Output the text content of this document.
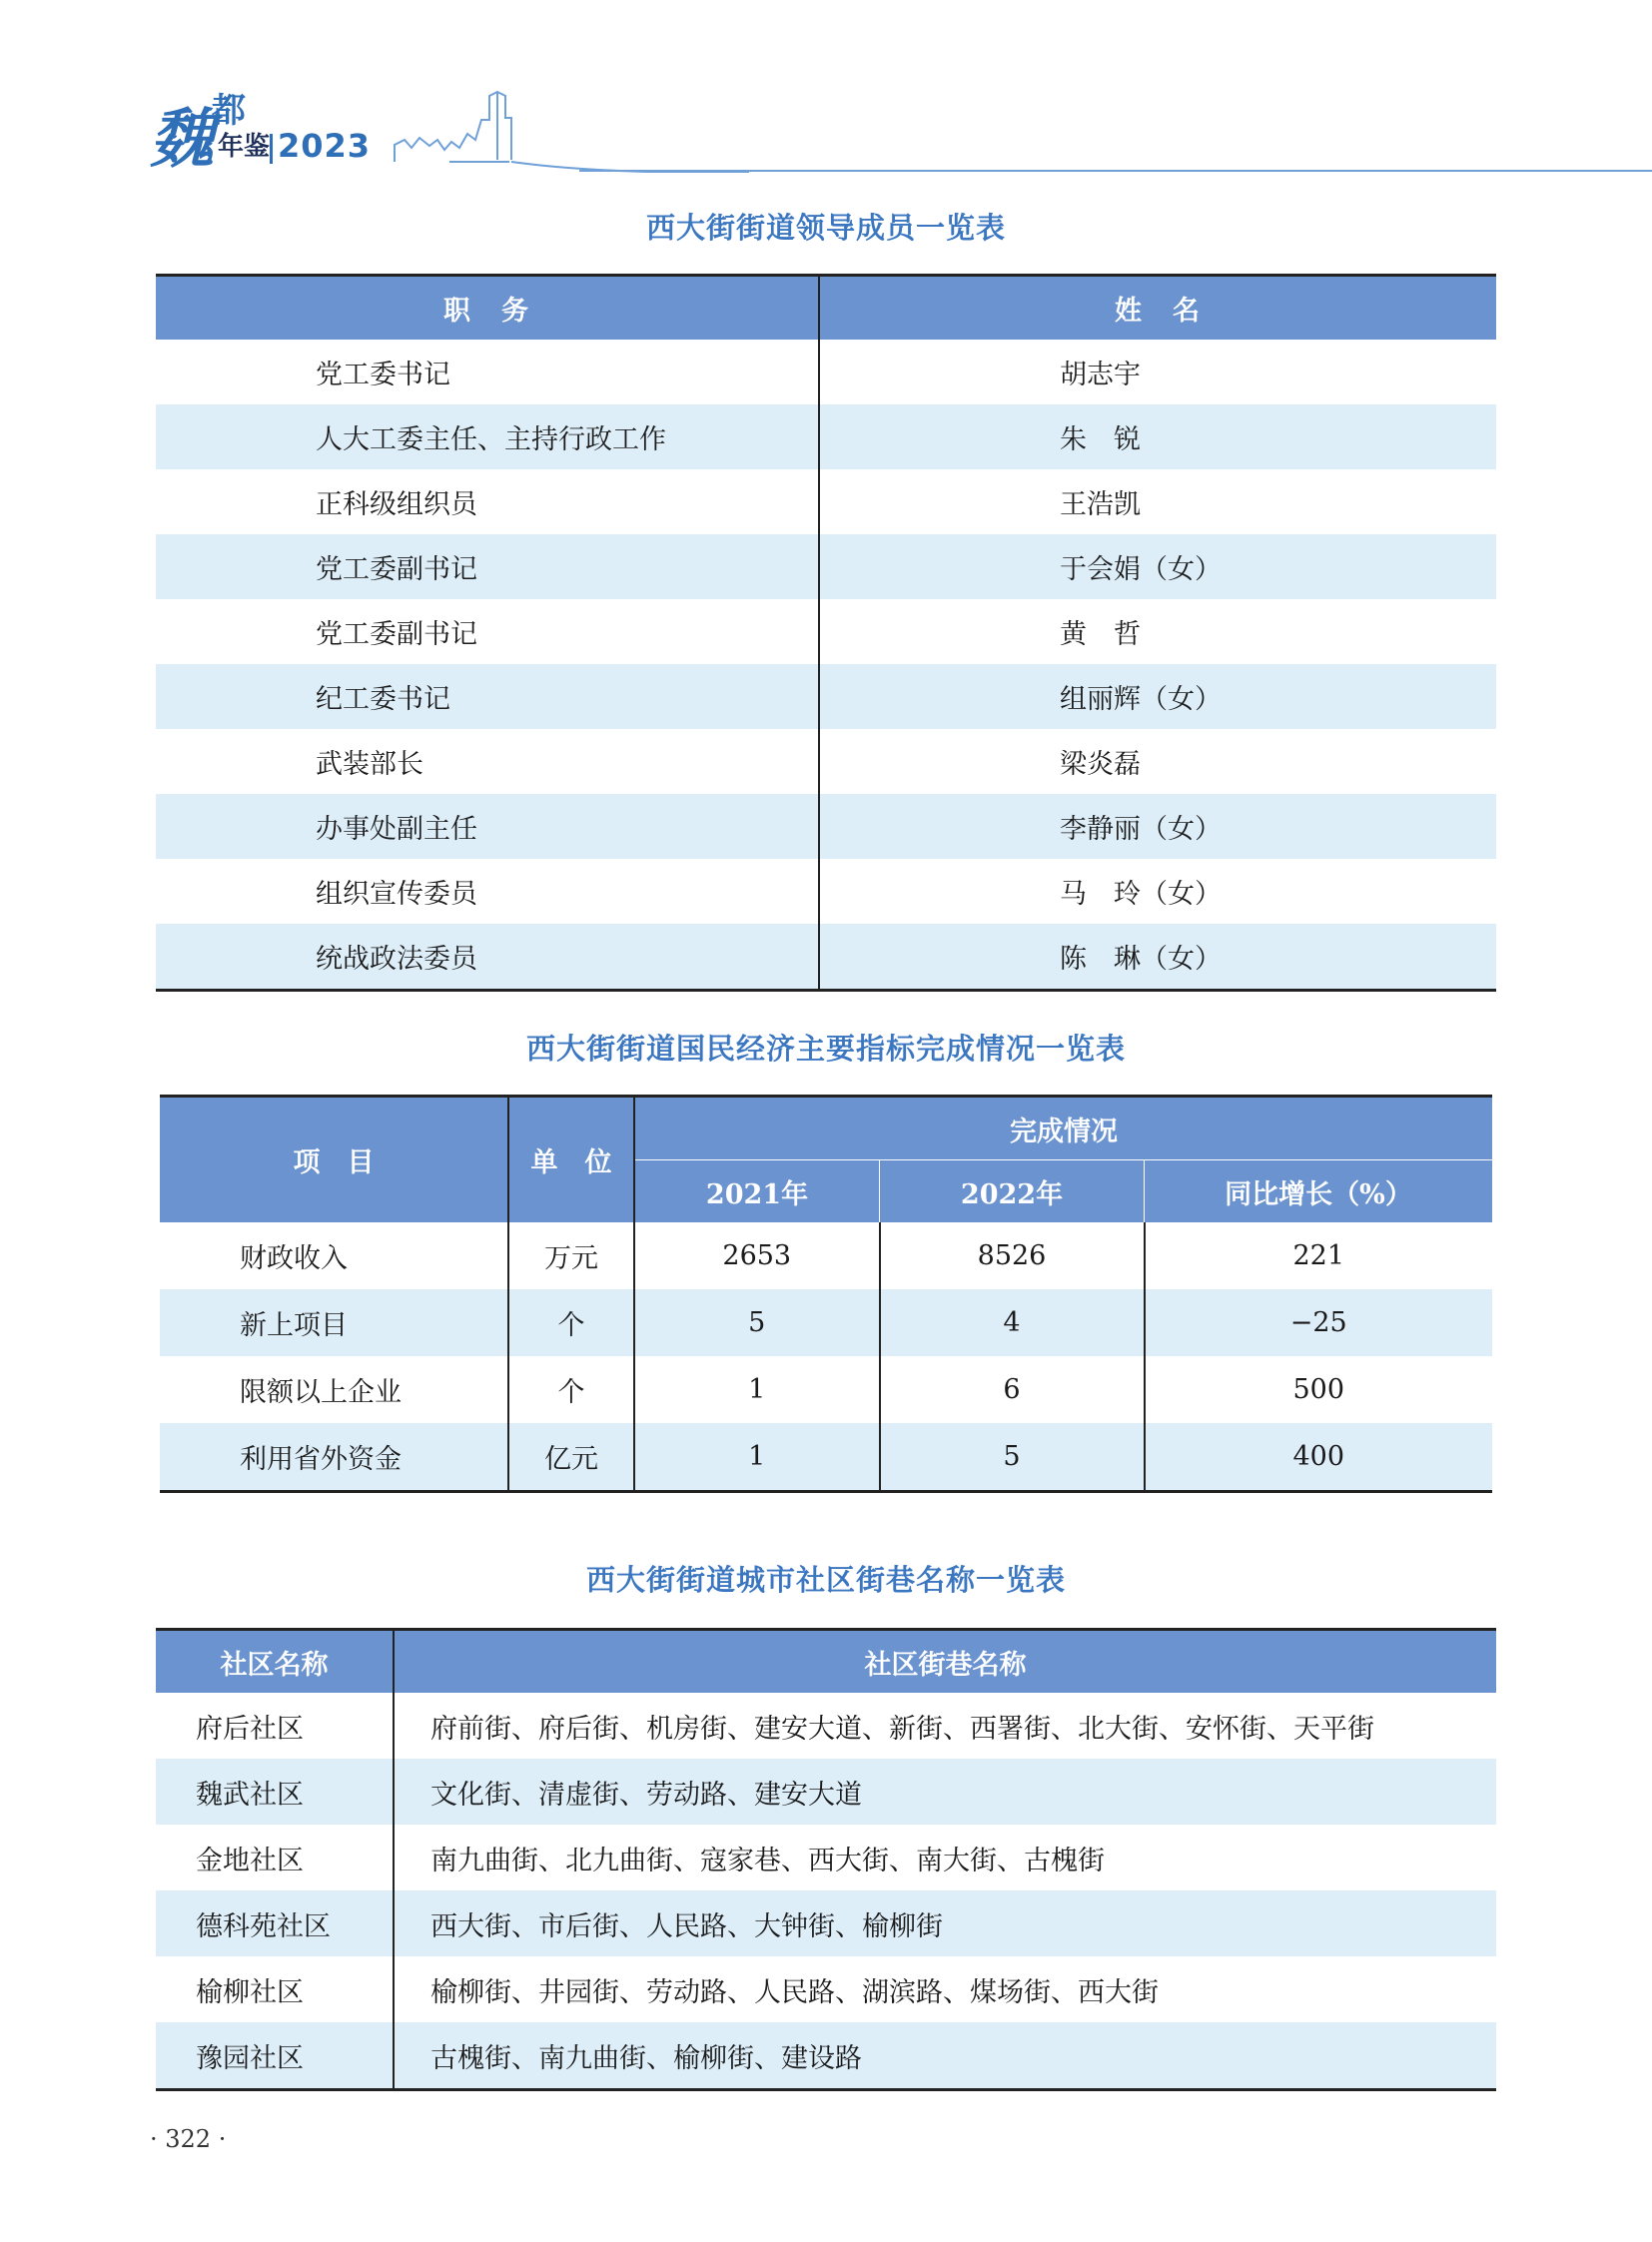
魏
都
年鉴 2023
西大街街道领导成员一览表
职　务	姓　名
党工委书记	胡志宇
人大工委主任、主持行政工作	朱　锐
正科级组织员	王浩凯
党工委副书记	于会娟（女）
党工委副书记	黄　哲
纪工委书记	组丽辉（女）
武装部长	梁炎磊
办事处副主任	李静丽（女）
组织宣传委员	马　玲（女）
统战政法委员	陈　琳（女）
西大街街道国民经济主要指标完成情况一览表
项　目	单　位	完成情况		
		2021年	2022年	同比增长（%）
财政收入	万元	2653	8526	221
新上项目	个	5	4	−25
限额以上企业	个	1	6	500
利用省外资金	亿元	1	5	400
西大街街道城市社区街巷名称一览表
社区名称	社区街巷名称
府后社区	府前街、府后街、机房街、建安大道、新街、西署街、北大街、安怀街、天平街
魏武社区	文化街、清虚街、劳动路、建安大道
金地社区	南九曲街、北九曲街、寇家巷、西大街、南大街、古槐街
德科苑社区	西大街、市后街、人民路、大钟街、榆柳街
榆柳社区	榆柳街、井园街、劳动路、人民路、湖滨路、煤场街、西大街
豫园社区	古槐街、南九曲街、榆柳街、建设路
· 322 ·
